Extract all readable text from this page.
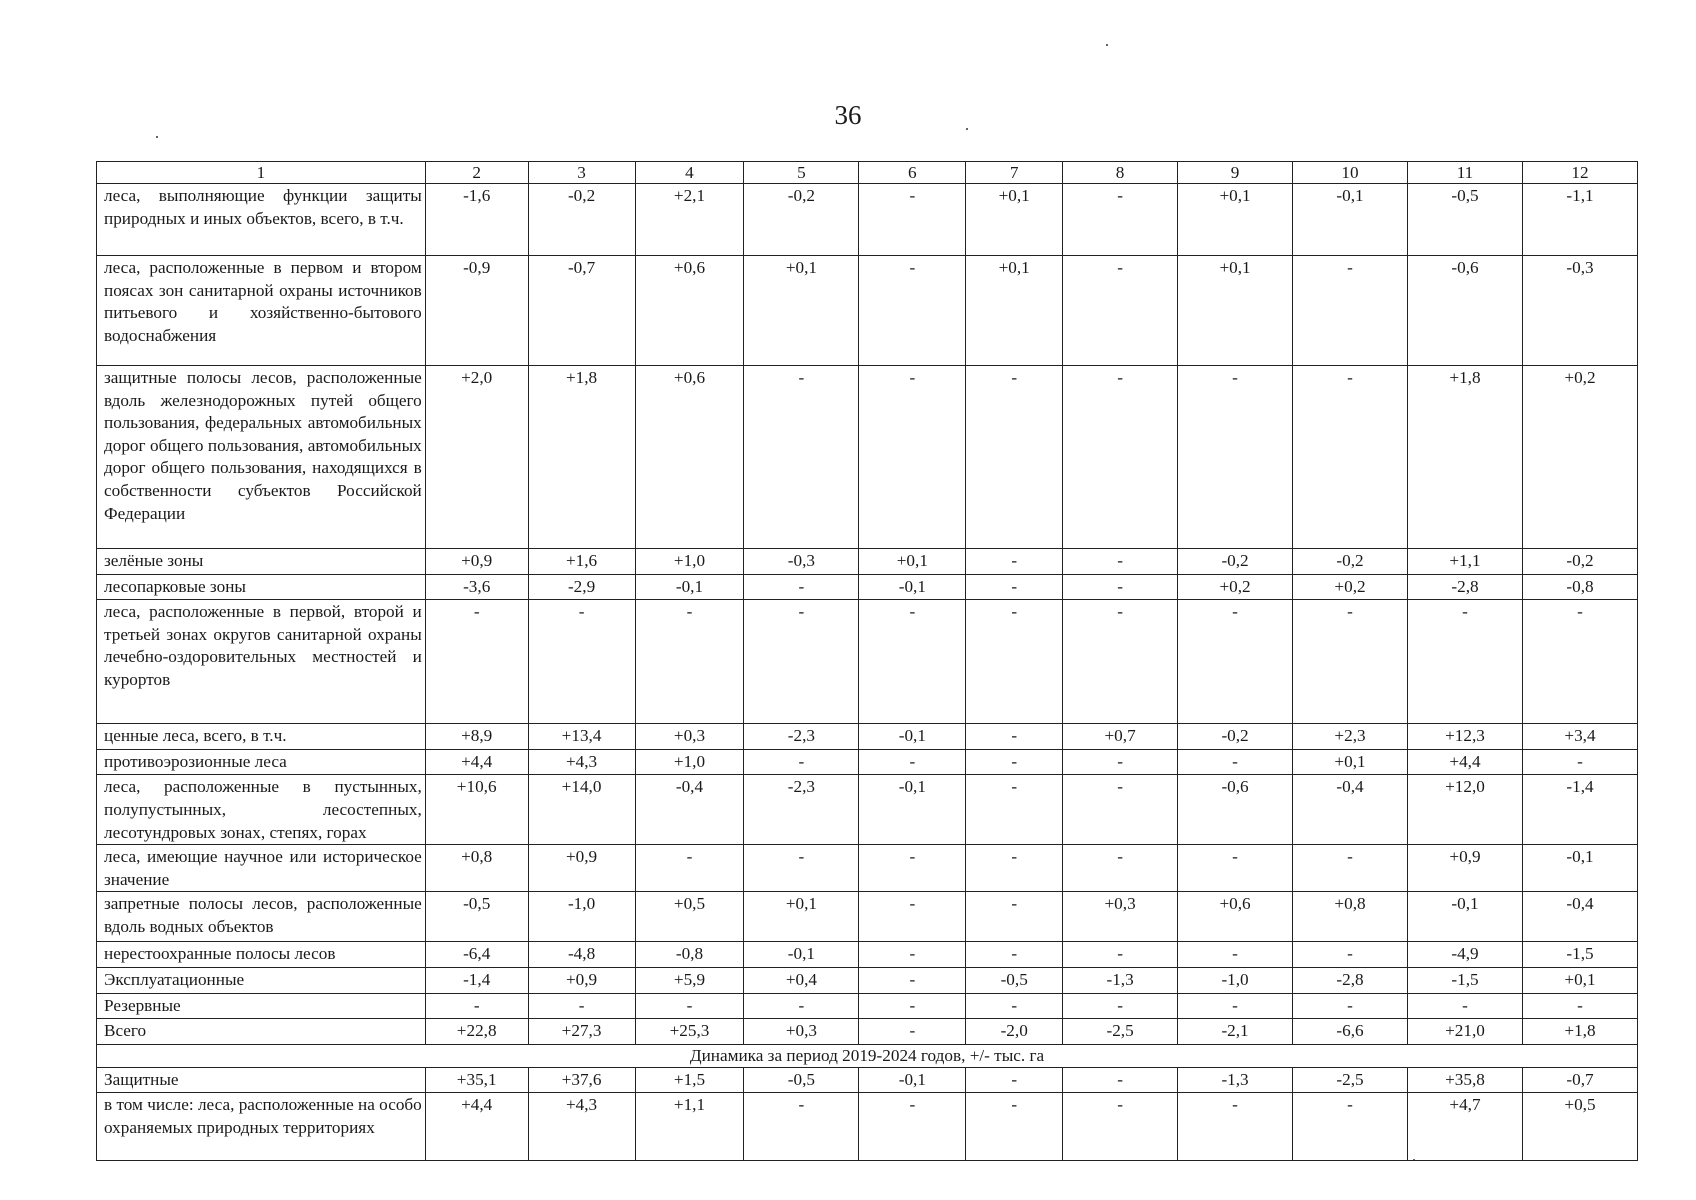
36
1	2	3	4	5	6	7	8	9	10	11	12
леса, выполняющие функции защиты природных и иных объектов, всего, в т.ч.	-1,6	-0,2	+2,1	-0,2	-	+0,1	-	+0,1	-0,1	-0,5	-1,1
леса, расположенные в первом и втором поясах зон санитарной охраны источников питьевого и хозяйственно-бытового водоснабжения	-0,9	-0,7	+0,6	+0,1	-	+0,1	-	+0,1	-	-0,6	-0,3
защитные полосы лесов, расположенные вдоль железнодорожных путей общего пользования, федеральных автомобильных дорог общего пользования, автомобильных дорог общего пользования, находящихся в собственности субъектов Российской Федерации	+2,0	+1,8	+0,6	-	-	-	-	-	-	+1,8	+0,2
зелёные зоны	+0,9	+1,6	+1,0	-0,3	+0,1	-	-	-0,2	-0,2	+1,1	-0,2
лесопарковые зоны	-3,6	-2,9	-0,1	-	-0,1	-	-	+0,2	+0,2	-2,8	-0,8
леса, расположенные в первой, второй и третьей зонах округов санитарной охраны лечебно-оздоровительных местностей и курортов	-	-	-	-	-	-	-	-	-	-	-
ценные леса, всего, в т.ч.	+8,9	+13,4	+0,3	-2,3	-0,1	-	+0,7	-0,2	+2,3	+12,3	+3,4
противоэрозионные леса	+4,4	+4,3	+1,0	-	-	-	-	-	+0,1	+4,4	-
леса, расположенные в пустынных, полупустынных, лесостепных, лесотундровых зонах, степях, горах	+10,6	+14,0	-0,4	-2,3	-0,1	-	-	-0,6	-0,4	+12,0	-1,4
леса, имеющие научное или историческое значение	+0,8	+0,9	-	-	-	-	-	-	-	+0,9	-0,1
запретные полосы лесов, расположенные вдоль водных объектов	-0,5	-1,0	+0,5	+0,1	-	-	+0,3	+0,6	+0,8	-0,1	-0,4
нерестоохранные полосы лесов	-6,4	-4,8	-0,8	-0,1	-	-	-	-	-	-4,9	-1,5
Эксплуатационные	-1,4	+0,9	+5,9	+0,4	-	-0,5	-1,3	-1,0	-2,8	-1,5	+0,1
Резервные	-	-	-	-	-	-	-	-	-	-	-
Всего	+22,8	+27,3	+25,3	+0,3	-	-2,0	-2,5	-2,1	-6,6	+21,0	+1,8
Динамика за период 2019-2024 годов, +/- тыс. га											
Защитные	+35,1	+37,6	+1,5	-0,5	-0,1	-	-	-1,3	-2,5	+35,8	-0,7
в том числе: леса, расположенные на особо охраняемых природных территориях	+4,4	+4,3	+1,1	-	-	-	-	-	-	+4,7	+0,5
